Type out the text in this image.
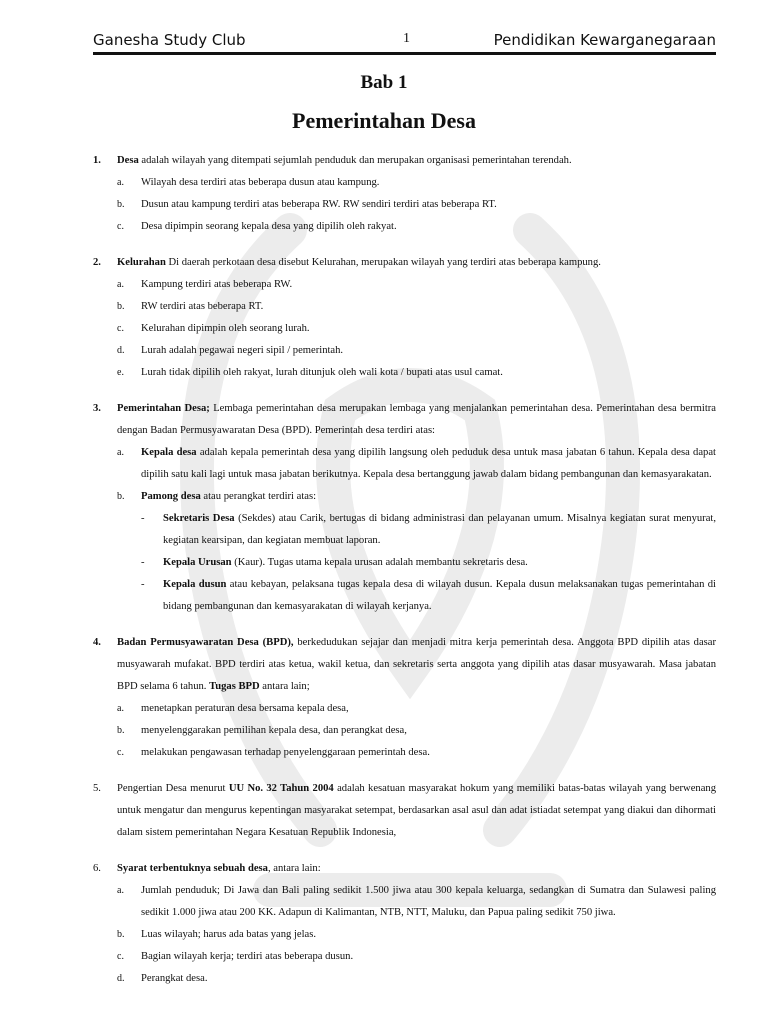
Ganesha Study Club	1	Pendidikan Kewarganegaraan
Bab 1
Pemerintahan Desa
1. Desa adalah wilayah yang ditempati sejumlah penduduk dan merupakan organisasi pemerintahan terendah.
a. Wilayah desa terdiri atas beberapa dusun atau kampung.
b. Dusun atau kampung terdiri atas beberapa RW. RW sendiri terdiri atas beberapa RT.
c. Desa dipimpin seorang kepala desa yang dipilih oleh rakyat.
2. Kelurahan Di daerah perkotaan desa disebut Kelurahan, merupakan wilayah yang terdiri atas beberapa kampung.
a. Kampung terdiri atas beberapa RW.
b. RW terdiri atas beberapa RT.
c. Kelurahan dipimpin oleh seorang lurah.
d. Lurah adalah pegawai negeri sipil / pemerintah.
e. Lurah tidak dipilih oleh rakyat, lurah ditunjuk oleh wali kota / bupati atas usul camat.
3. Pemerintahan Desa; Lembaga pemerintahan desa merupakan lembaga yang menjalankan pemerintahan desa. Pemerintahan desa bermitra dengan Badan Permusyawaratan Desa (BPD). Pemerintah desa terdiri atas:
a. Kepala desa adalah kepala pemerintah desa yang dipilih langsung oleh peduduk desa untuk masa jabatan 6 tahun. Kepala desa dapat dipilih satu kali lagi untuk masa jabatan berikutnya. Kepala desa bertanggung jawab dalam bidang pembangunan dan kemasyarakatan.
b. Pamong desa atau perangkat terdiri atas:
- Sekretaris Desa (Sekdes) atau Carik, bertugas di bidang administrasi dan pelayanan umum. Misalnya kegiatan surat menyurat, kegiatan kearsipan, dan kegiatan membuat laporan.
- Kepala Urusan (Kaur). Tugas utama kepala urusan adalah membantu sekretaris desa.
- Kepala dusun atau kebayan, pelaksana tugas kepala desa di wilayah dusun. Kepala dusun melaksanakan tugas pemerintahan di bidang pembangunan dan kemasyarakatan di wilayah kerjanya.
4. Badan Permusyawaratan Desa (BPD), berkedudukan sejajar dan menjadi mitra kerja pemerintah desa. Anggota BPD dipilih atas dasar musyawarah mufakat. BPD terdiri atas ketua, wakil ketua, dan sekretaris serta anggota yang dipilih atas dasar musyawarah. Masa jabatan BPD selama 6 tahun. Tugas BPD antara lain;
a. menetapkan peraturan desa bersama kepala desa,
b. menyelenggarakan pemilihan kepala desa, dan perangkat desa,
c. melakukan pengawasan terhadap penyelenggaraan pemerintah desa.
5. Pengertian Desa menurut UU No. 32 Tahun 2004 adalah kesatuan masyarakat hokum yang memiliki batas-batas wilayah yang berwenang untuk mengatur dan mengurus kepentingan masyarakat setempat, berdasarkan asal asul dan adat istiadat setempat yang diakui dan dihormati dalam sistem pemerintahan Negara Kesatuan Republik Indonesia,
6. Syarat terbentuknya sebuah desa, antara lain:
a. Jumlah penduduk; Di Jawa dan Bali paling sedikit 1.500 jiwa atau 300 kepala keluarga, sedangkan di Sumatra dan Sulawesi paling sedikit 1.000 jiwa atau 200 KK. Adapun di Kalimantan, NTB, NTT, Maluku, dan Papua paling sedikit 750 jiwa.
b. Luas wilayah; harus ada batas yang jelas.
c. Bagian wilayah kerja; terdiri atas beberapa dusun.
d. Perangkat desa.
